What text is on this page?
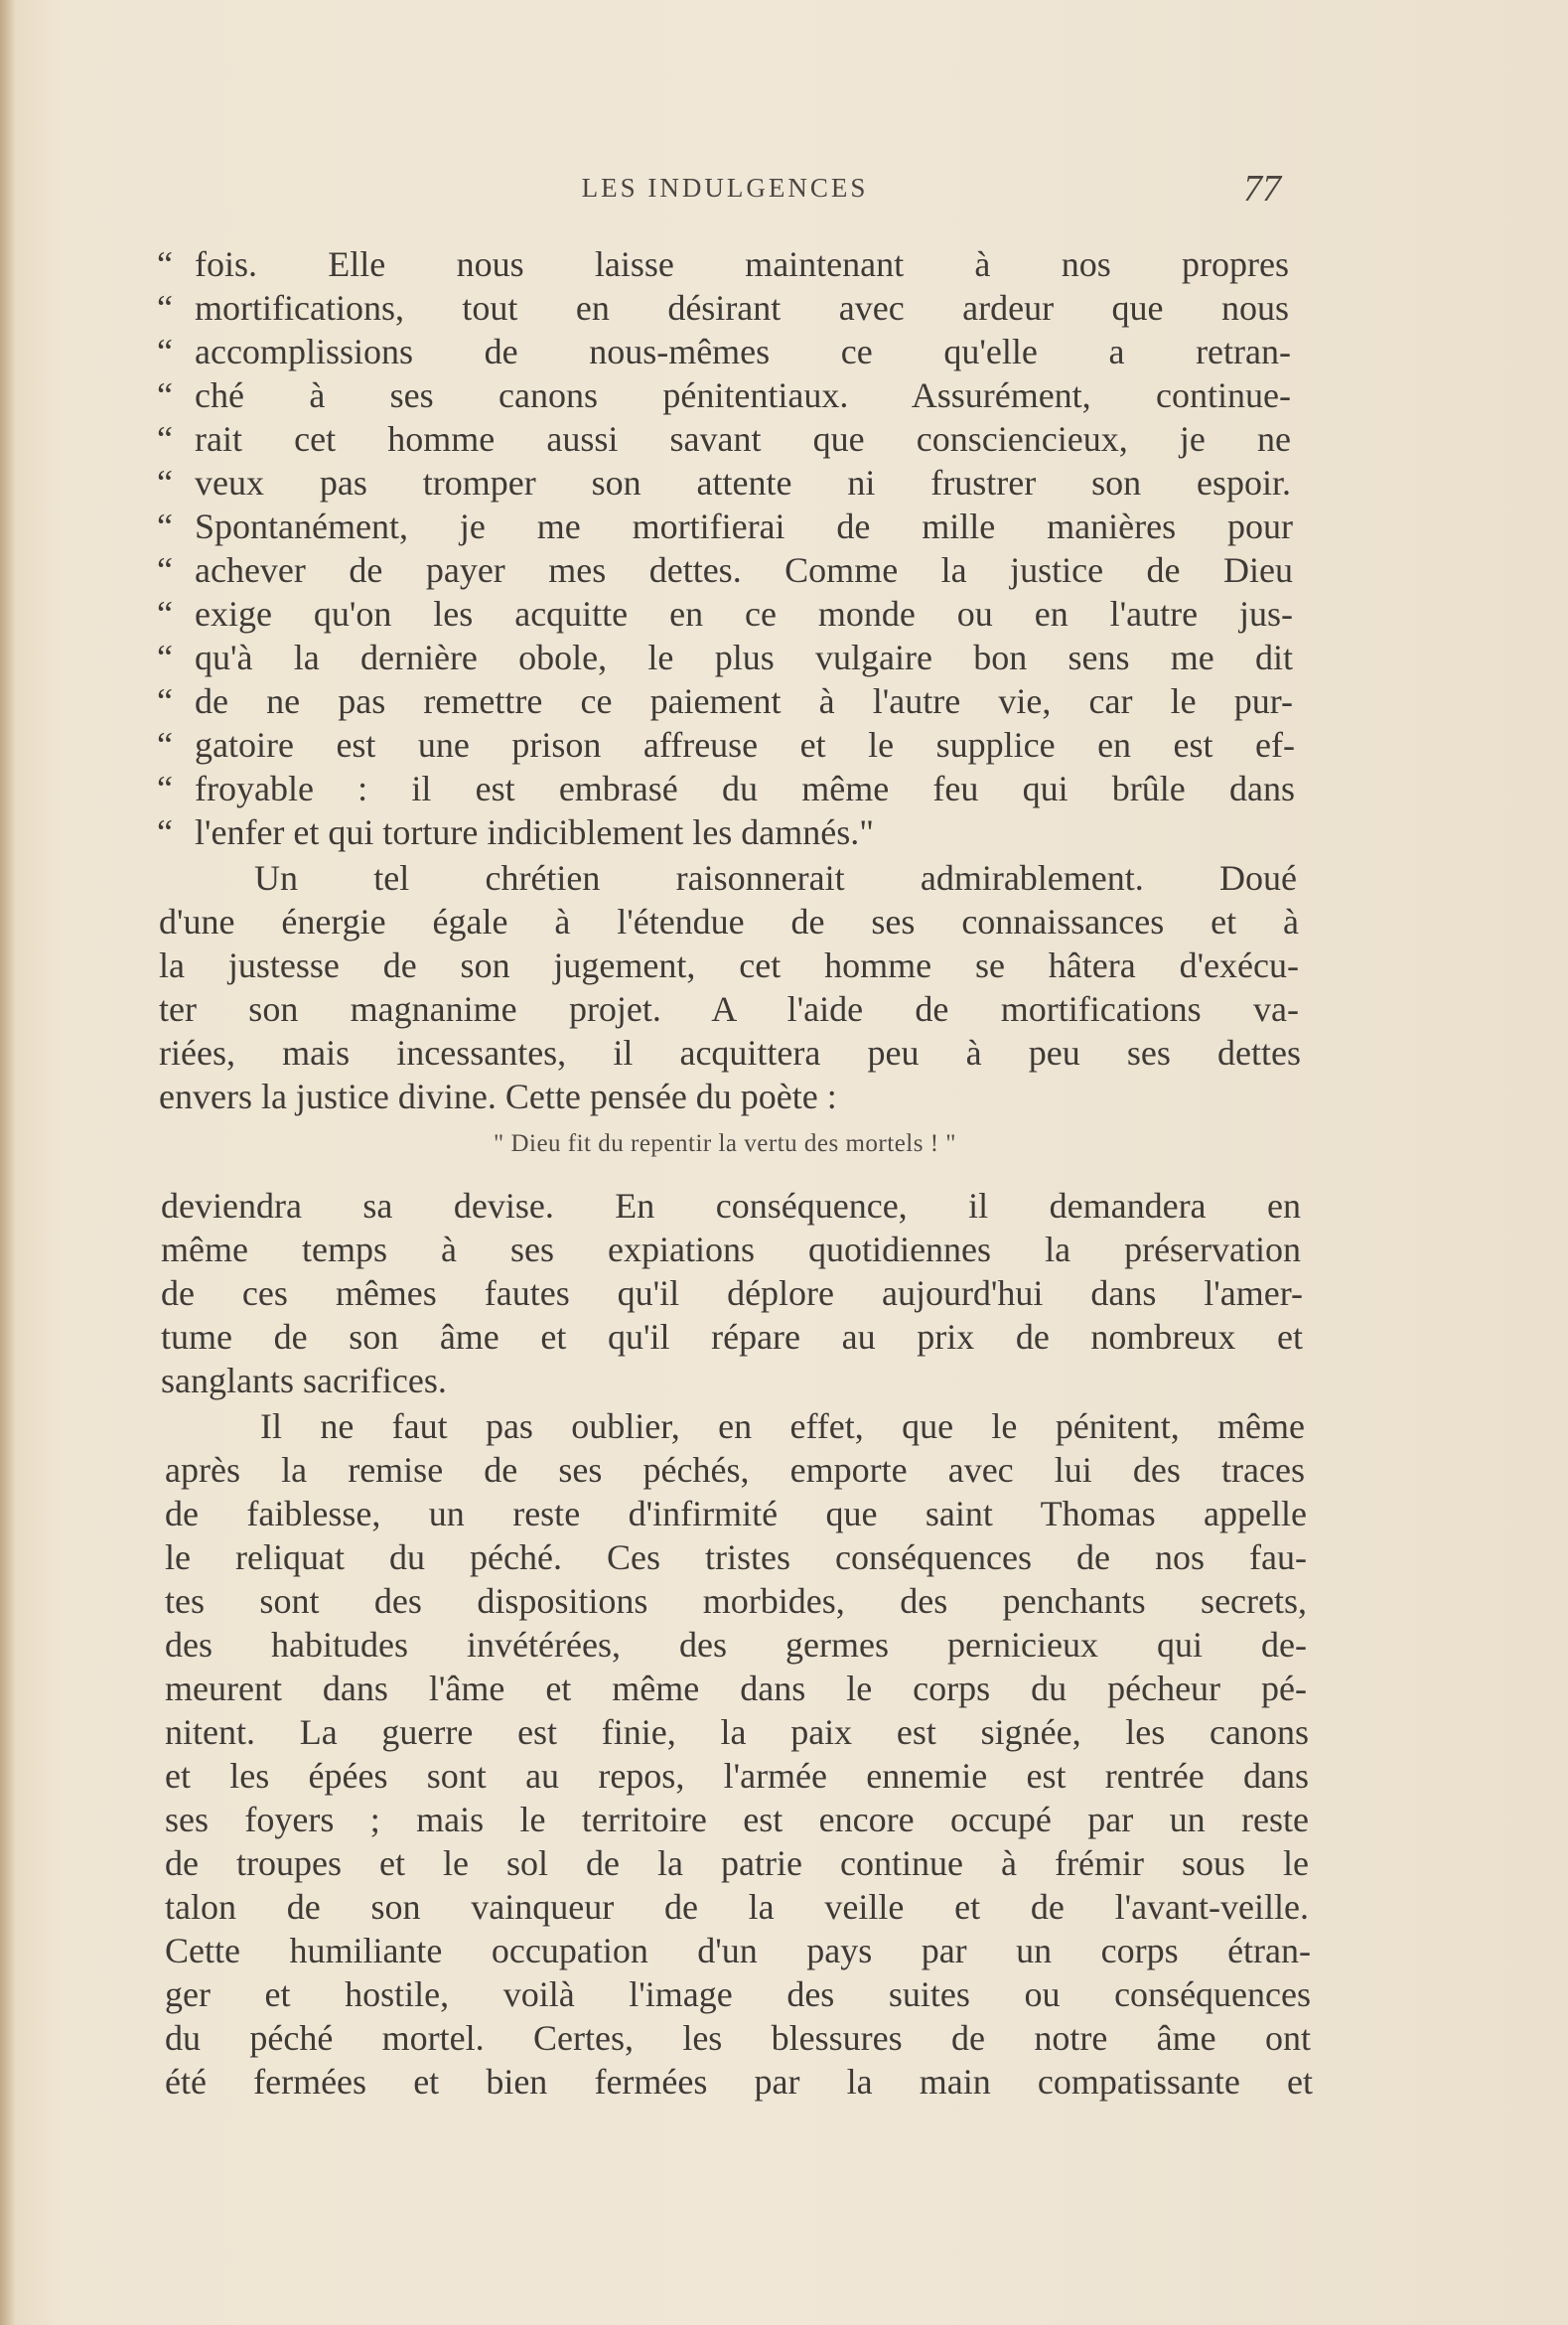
LES INDULGENCES	77
“ fois. Elle nous laisse maintenant à nos propres
“ mortifications, tout en désirant avec ardeur que nous
“ accomplissions de nous-mêmes ce qu'elle a retran-
“ ché à ses canons pénitentiaux. Assurément, continue-
“ rait cet homme aussi savant que consciencieux, je ne
“ veux pas tromper son attente ni frustrer son espoir.
“ Spontanément, je me mortifierai de mille manières pour
“ achever de payer mes dettes. Comme la justice de Dieu
“ exige qu'on les acquitte en ce monde ou en l'autre jus-
“ qu'à la dernière obole, le plus vulgaire bon sens me dit
“ de ne pas remettre ce paiement à l'autre vie, car le pur-
“ gatoire est une prison affreuse et le supplice en est ef-
“ froyable : il est embrasé du même feu qui brûle dans
“ l'enfer et qui torture indiciblement les damnés."
Un tel chrétien raisonnerait admirablement. Doué
d'une énergie égale à l'étendue de ses connaissances et à
la justesse de son jugement, cet homme se hâtera d'exécu-
ter son magnanime projet. A l'aide de mortifications va-
riées, mais incessantes, il acquittera peu à peu ses dettes
envers la justice divine. Cette pensée du poète :
" Dieu fit du repentir la vertu des mortels ! "
deviendra sa devise. En conséquence, il demandera en
même temps à ses expiations quotidiennes la préservation
de ces mêmes fautes qu'il déplore aujourd'hui dans l'amer-
tume de son âme et qu'il répare au prix de nombreux et
sanglants sacrifices.
Il ne faut pas oublier, en effet, que le pénitent, même
après la remise de ses péchés, emporte avec lui des traces
de faiblesse, un reste d'infirmité que saint Thomas appelle
le reliquat du péché. Ces tristes conséquences de nos fau-
tes sont des dispositions morbides, des penchants secrets,
des habitudes invétérées, des germes pernicieux qui de-
meurent dans l'âme et même dans le corps du pécheur pé-
nitent. La guerre est finie, la paix est signée, les canons
et les épées sont au repos, l'armée ennemie est rentrée dans
ses foyers ; mais le territoire est encore occupé par un reste
de troupes et le sol de la patrie continue à frémir sous le
talon de son vainqueur de la veille et de l'avant-veille.
Cette humiliante occupation d'un pays par un corps étran-
ger et hostile, voilà l'image des suites ou conséquences
du péché mortel. Certes, les blessures de notre âme ont
été fermées et bien fermées par la main compatissante et
